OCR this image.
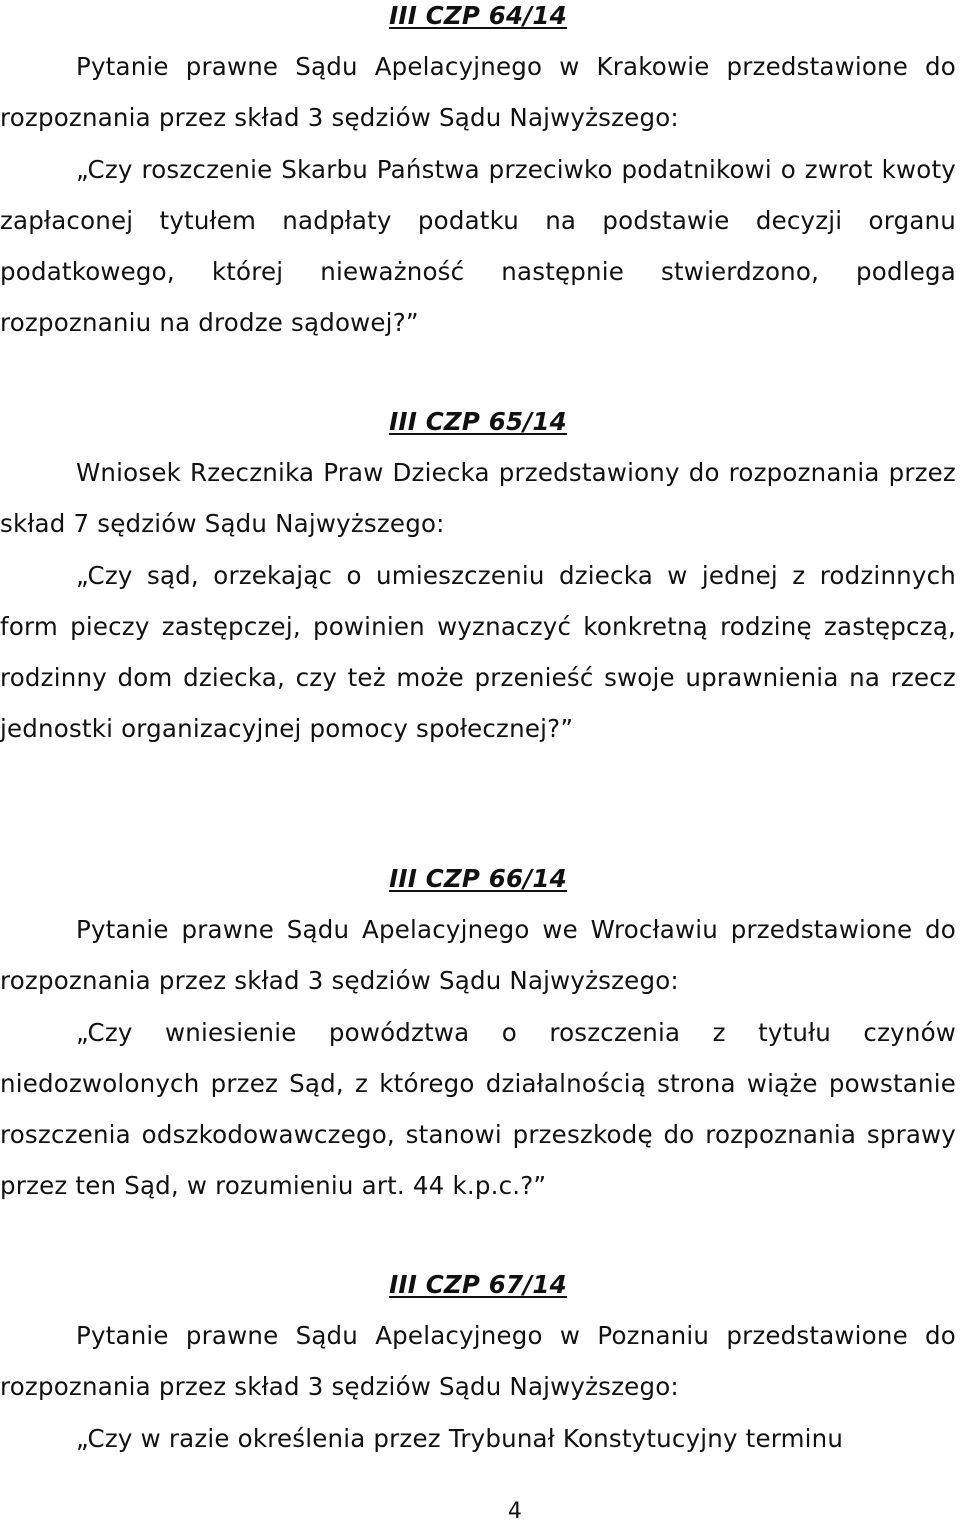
III CZP 64/14
Pytanie prawne Sądu Apelacyjnego w Krakowie przedstawione do rozpoznania przez skład 3 sędziów Sądu Najwyższego:
„Czy roszczenie Skarbu Państwa przeciwko podatnikowi o zwrot kwoty zapłaconej tytułem nadpłaty podatku na podstawie decyzji organu podatkowego, której nieważność następnie stwierdzono, podlega rozpoznaniu na drodze sądowej?”
III CZP 65/14
Wniosek Rzecznika Praw Dziecka przedstawiony do rozpoznania przez skład 7 sędziów Sądu Najwyższego:
„Czy sąd, orzekając o umieszczeniu dziecka w jednej z rodzinnych form pieczy zastępczej, powinien wyznaczyć konkretną rodzinę zastępczą, rodzinny dom dziecka, czy też może przenieść swoje uprawnienia na rzecz jednostki organizacyjnej pomocy społecznej?”
III CZP 66/14
Pytanie prawne Sądu Apelacyjnego we Wrocławiu przedstawione do rozpoznania przez skład 3 sędziów Sądu Najwyższego:
„Czy wniesienie powództwa o roszczenia z tytułu czynów niedozwolonych przez Sąd, z którego działalnością strona wiąże powstanie roszczenia odszkodowawczego, stanowi przeszkodę do rozpoznania sprawy przez ten Sąd, w rozumieniu art. 44 k.p.c.?”
III CZP 67/14
Pytanie prawne Sądu Apelacyjnego w Poznaniu przedstawione do rozpoznania przez skład 3 sędziów Sądu Najwyższego:
„Czy w razie określenia przez Trybunał Konstytucyjny terminu
4
